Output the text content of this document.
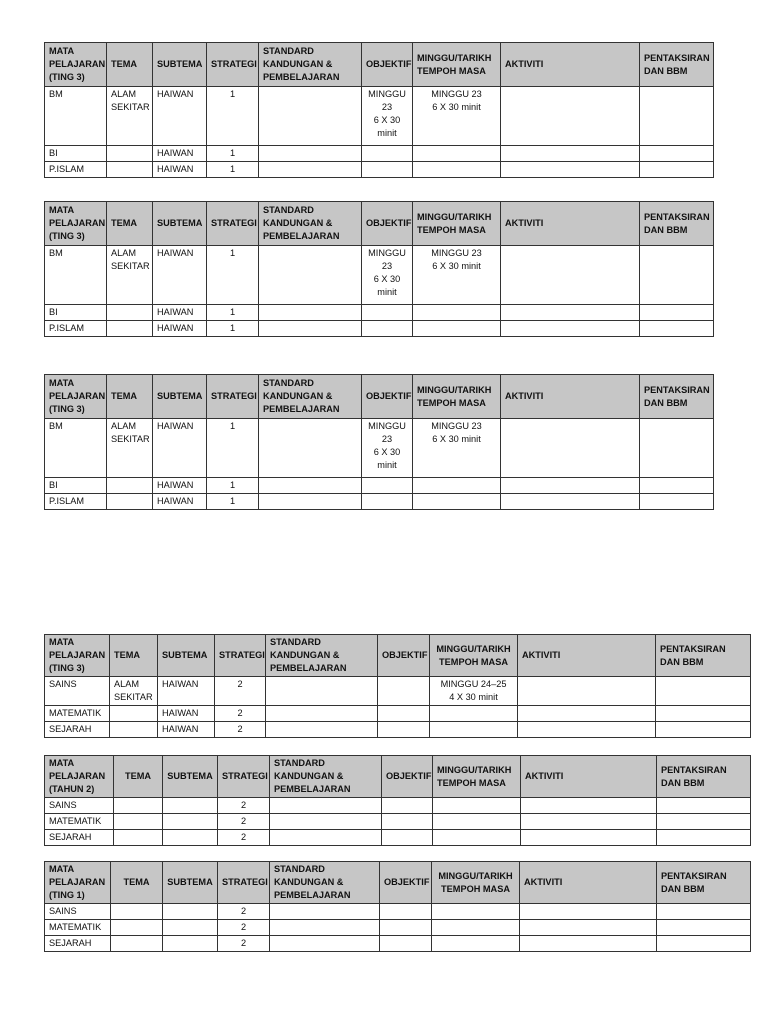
MATA
PELAJARAN
(TING 3)	TEMA	SUBTEMA	STRATEGI	STANDARD
KANDUNGAN &
PEMBELAJARAN	OBJEKTIF	MINGGU/TARIKH
TEMPOH MASA	AKTIVITI	PENTAKSIRAN
DAN BBM
BM	ALAM
SEKITAR	HAIWAN	1		MINGGU
23
6 X 30
minit	MINGGU 23
6 X 30 minit		
BI		HAIWAN	1					
P.ISLAM		HAIWAN	1					
MATA
PELAJARAN
(TING 3)	TEMA	SUBTEMA	STRATEGI	STANDARD
KANDUNGAN &
PEMBELAJARAN	OBJEKTIF	MINGGU/TARIKH
TEMPOH MASA	AKTIVITI	PENTAKSIRAN
DAN BBM
BM	ALAM
SEKITAR	HAIWAN	1		MINGGU
23
6 X 30
minit	MINGGU 23
6 X 30 minit		
BI		HAIWAN	1					
P.ISLAM		HAIWAN	1					
MATA
PELAJARAN
(TING 3)	TEMA	SUBTEMA	STRATEGI	STANDARD
KANDUNGAN &
PEMBELAJARAN	OBJEKTIF	MINGGU/TARIKH
TEMPOH MASA	AKTIVITI	PENTAKSIRAN
DAN BBM
BM	ALAM
SEKITAR	HAIWAN	1		MINGGU
23
6 X 30
minit	MINGGU 23
6 X 30 minit		
BI		HAIWAN	1					
P.ISLAM		HAIWAN	1					
MATA
PELAJARAN
(TING 3)	TEMA	SUBTEMA	STRATEGI	STANDARD
KANDUNGAN &
PEMBELAJARAN	OBJEKTIF	MINGGU/TARIKH
TEMPOH MASA	AKTIVITI	PENTAKSIRAN
DAN BBM
SAINS	ALAM
SEKITAR	HAIWAN	2			MINGGU 24–25
4 X 30 minit		
MATEMATIK		HAIWAN	2					
SEJARAH		HAIWAN	2					
MATA
PELAJARAN
(TAHUN 2)	TEMA	SUBTEMA	STRATEGI	STANDARD
KANDUNGAN &
PEMBELAJARAN	OBJEKTIF	MINGGU/TARIKH
TEMPOH MASA	AKTIVITI	PENTAKSIRAN
DAN BBM
SAINS			2					
MATEMATIK			2					
SEJARAH			2					
MATA
PELAJARAN
(TING 1)	TEMA	SUBTEMA	STRATEGI	STANDARD
KANDUNGAN &
PEMBELAJARAN	OBJEKTIF	MINGGU/TARIKH
TEMPOH MASA	AKTIVITI	PENTAKSIRAN
DAN BBM
SAINS			2					
MATEMATIK			2					
SEJARAH			2					
